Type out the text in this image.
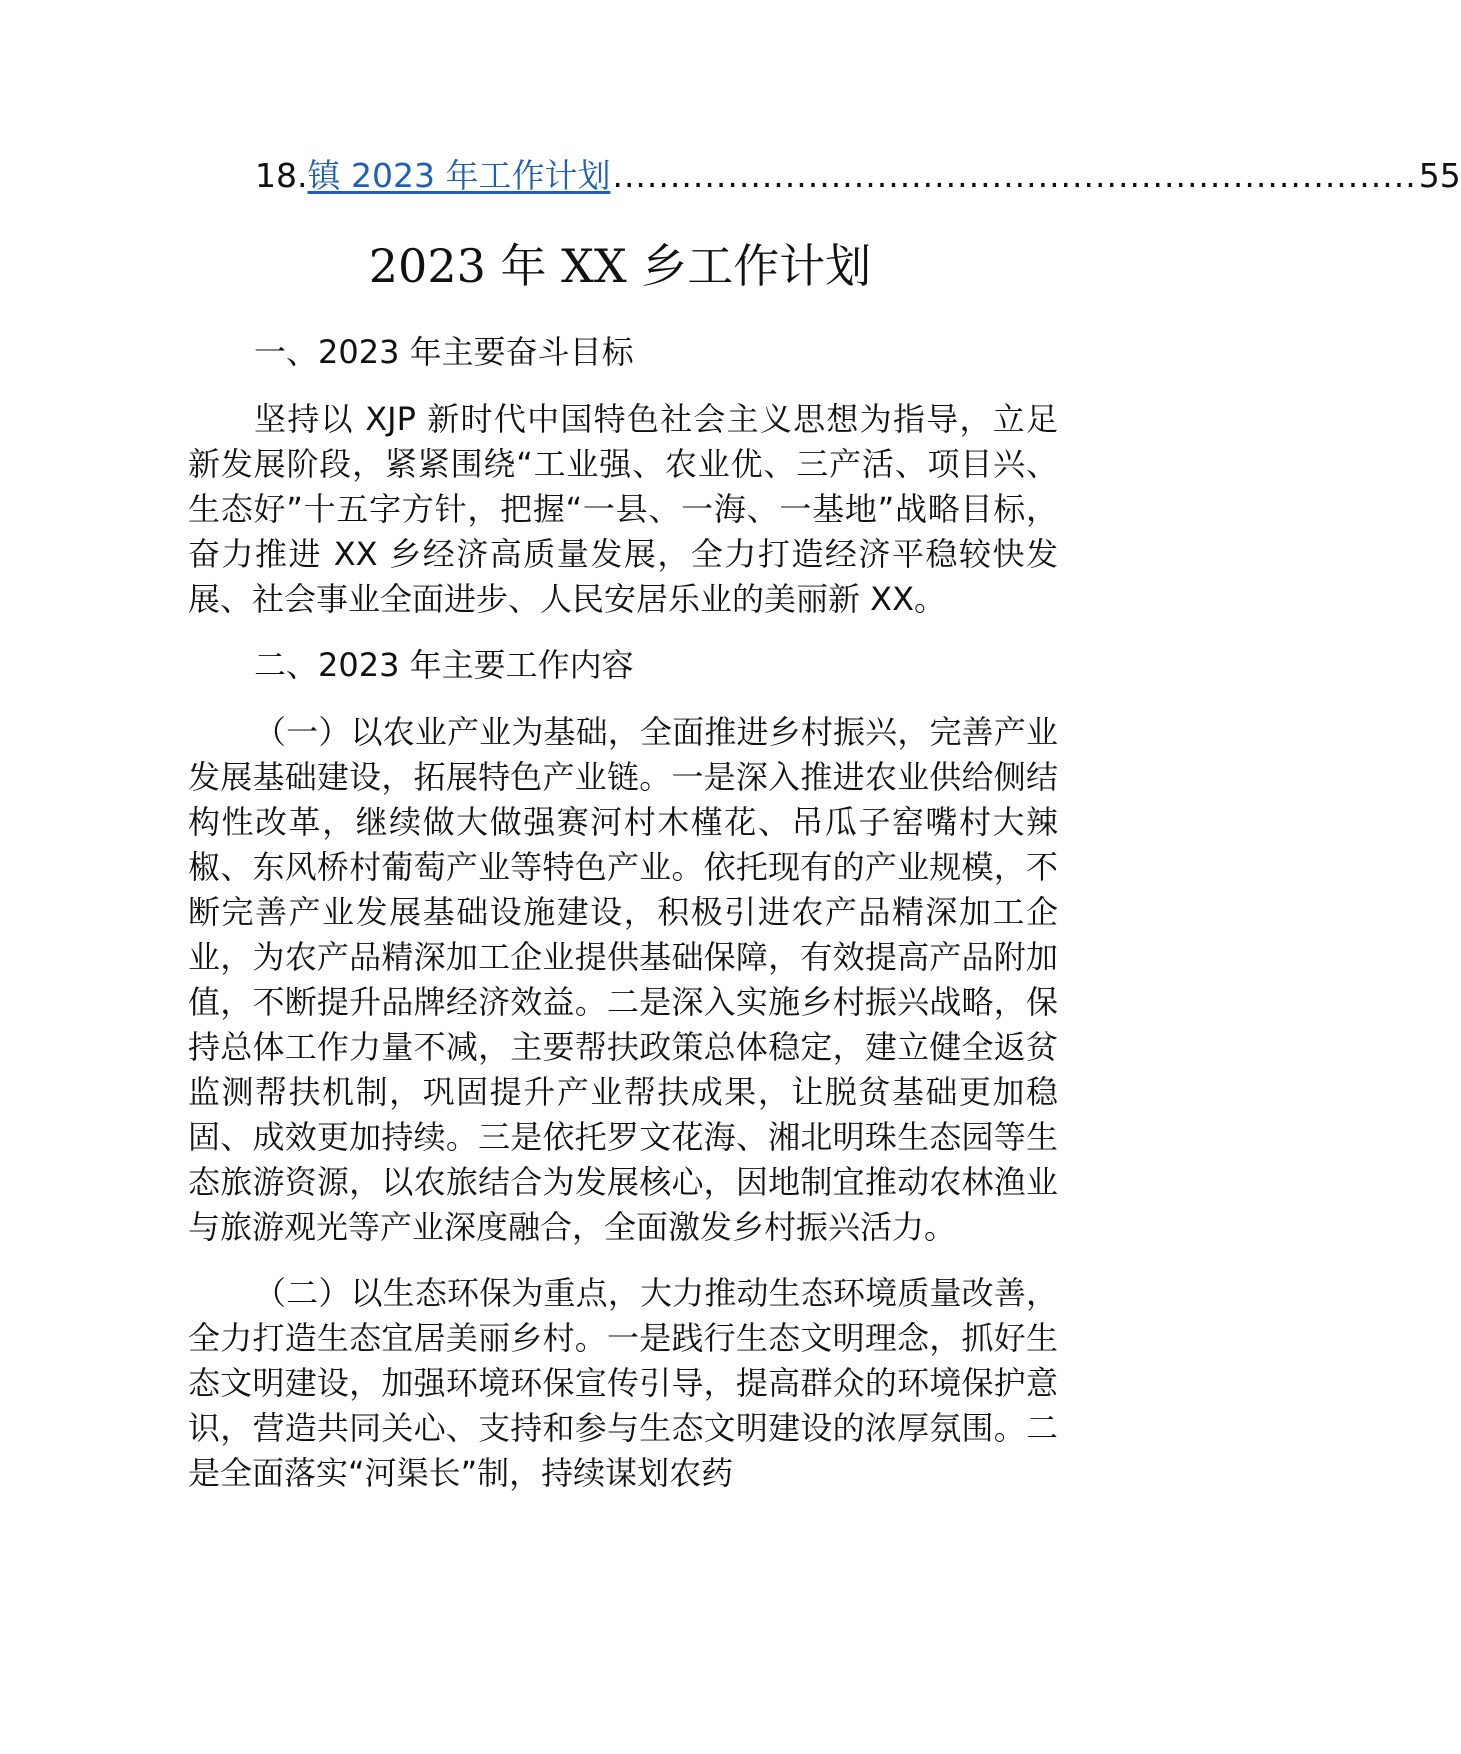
18. 镇 2023 年工作计划 ...................................................................... 55
2023 年 XX 乡工作计划

一、2023 年主要奋斗目标

坚持以 XJP 新时代中国特色社会主义思想为指导，立足新发展阶段，紧紧围绕“工业强、农业优、三产活、项目兴、生态好”十五字方针，把握“一县、一海、一基地”战略目标，奋力推进 XX 乡经济高质量发展，全力打造经济平稳较快发展、社会事业全面进步、人民安居乐业的美丽新 XX。

二、2023 年主要工作内容

（一）以农业产业为基础，全面推进乡村振兴，完善产业发展基础建设，拓展特色产业链。一是深入推进农业供给侧结构性改革，继续做大做强赛河村木槿花、吊瓜子窑嘴村大辣椒、东风桥村葡萄产业等特色产业。依托现有的产业规模，不断完善产业发展基础设施建设，积极引进农产品精深加工企业，为农产品精深加工企业提供基础保障，有效提高产品附加值，不断提升品牌经济效益。二是深入实施乡村振兴战略，保持总体工作力量不减，主要帮扶政策总体稳定，建立健全返贫监测帮扶机制，巩固提升产业帮扶成果，让脱贫基础更加稳固、成效更加持续。三是依托罗文花海、湘北明珠生态园等生态旅游资源，以农旅结合为发展核心，因地制宜推动农林渔业与旅游观光等产业深度融合，全面激发乡村振兴活力。

（二）以生态环保为重点，大力推动生态环境质量改善，全力打造生态宜居美丽乡村。一是践行生态文明理念，抓好生态文明建设，加强环境环保宣传引导，提高群众的环境保护意识，营造共同关心、支持和参与生态文明建设的浓厚氛围。二是全面落实“河渠长”制，持续谋划农药
